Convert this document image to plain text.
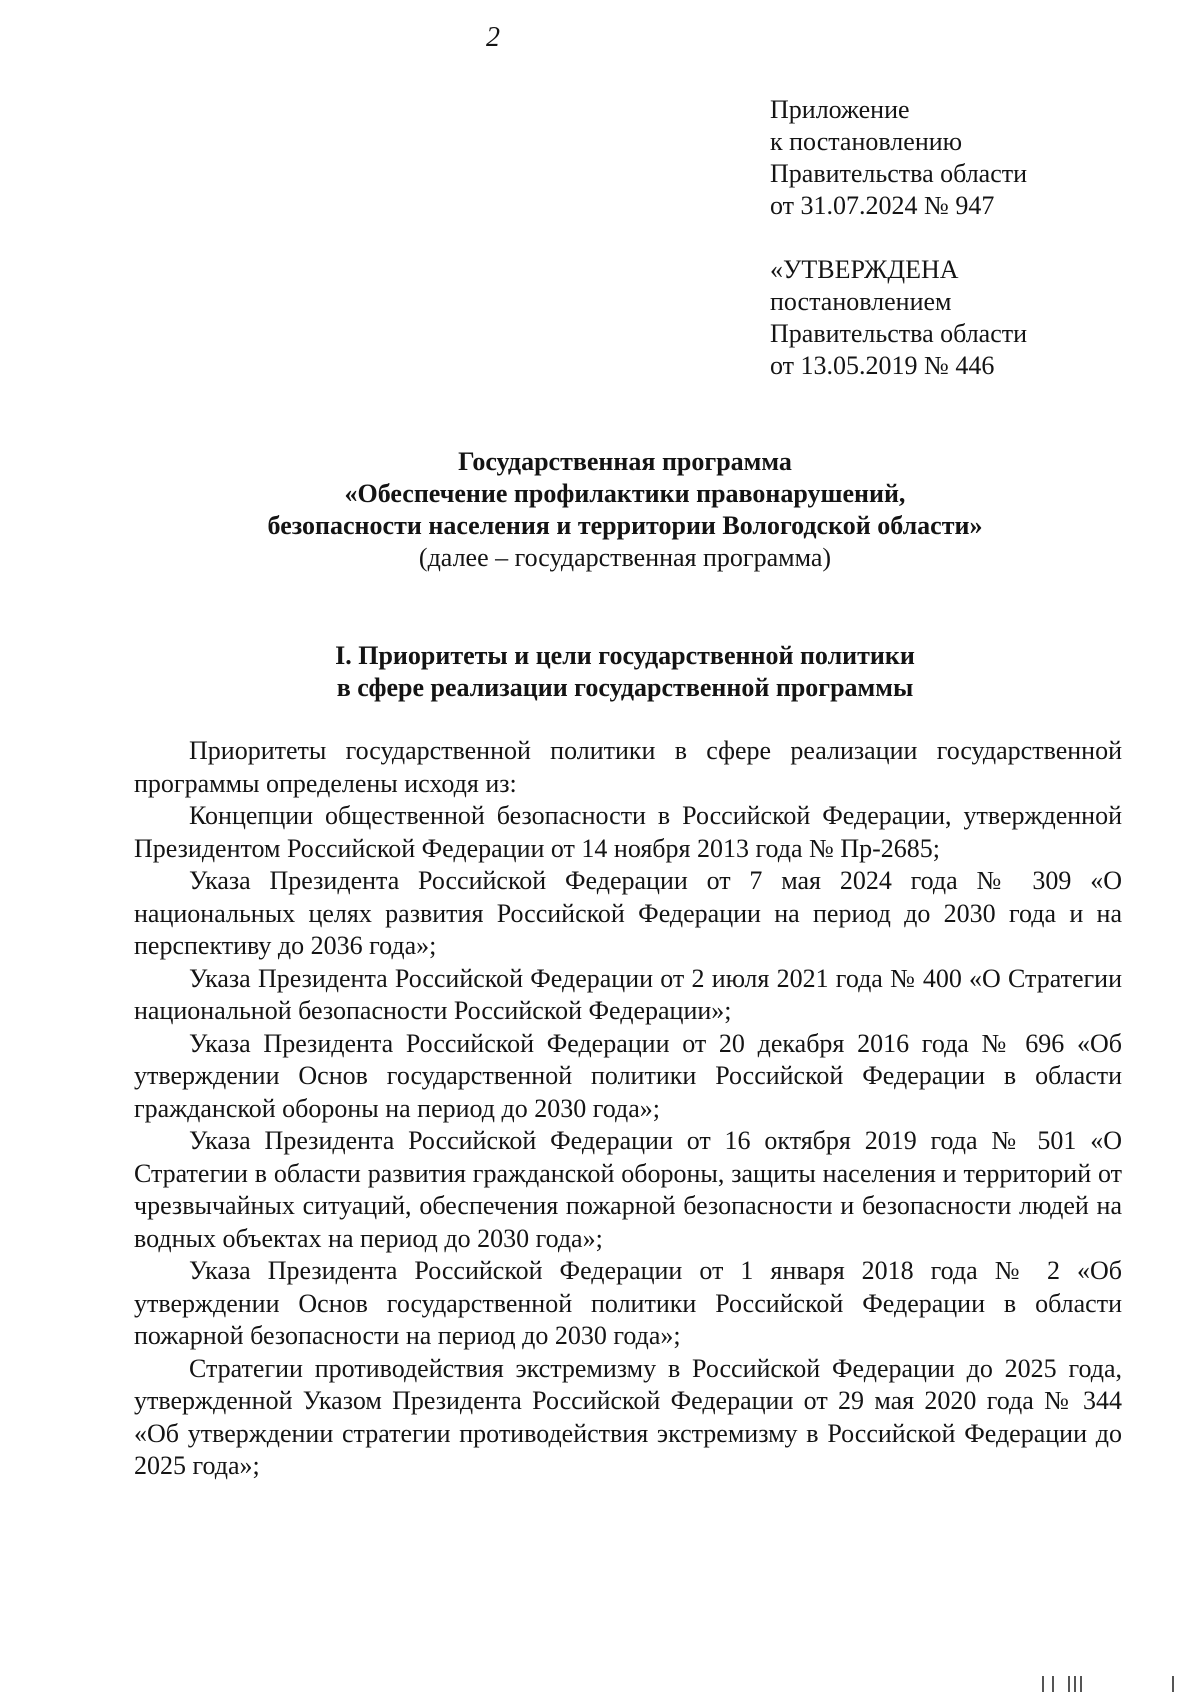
2
Приложение
к постановлению
Правительства области
от 31.07.2024 № 947
«УТВЕРЖДЕНА
постановлением
Правительства области
от 13.05.2019 № 446
Государственная программа
«Обеспечение профилактики правонарушений,
безопасности населения и территории Вологодской области»
(далее – государственная программа)
I. Приоритеты и цели государственной политики
в сфере реализации государственной программы

Приоритеты государственной политики в сфере реализации государственной программы определены исходя из:

Концепции общественной безопасности в Российской Федерации, утвержденной Президентом Российской Федерации от 14 ноября 2013 года № Пр-2685;

Указа Президента Российской Федерации от 7 мая 2024 года № 309 «О национальных целях развития Российской Федерации на период до 2030 года и на перспективу до 2036 года»;

Указа Президента Российской Федерации от 2 июля 2021 года № 400 «О Стратегии национальной безопасности Российской Федерации»;

Указа Президента Российской Федерации от 20 декабря 2016 года № 696 «Об утверждении Основ государственной политики Российской Федерации в области гражданской обороны на период до 2030 года»;

Указа Президента Российской Федерации от 16 октября 2019 года № 501 «О Стратегии в области развития гражданской обороны, защиты населения и территорий от чрезвычайных ситуаций, обеспечения пожарной безопасности и безопасности людей на водных объектах на период до 2030 года»;

Указа Президента Российской Федерации от 1 января 2018 года № 2 «Об утверждении Основ государственной политики Российской Федерации в области пожарной безопасности на период до 2030 года»;

Стратегии противодействия экстремизму в Российской Федерации до 2025 года, утвержденной Указом Президента Российской Федерации от 29 мая 2020 года № 344 «Об утверждении стратегии противодействия экстремизму в Российской Федерации до 2025 года»;
